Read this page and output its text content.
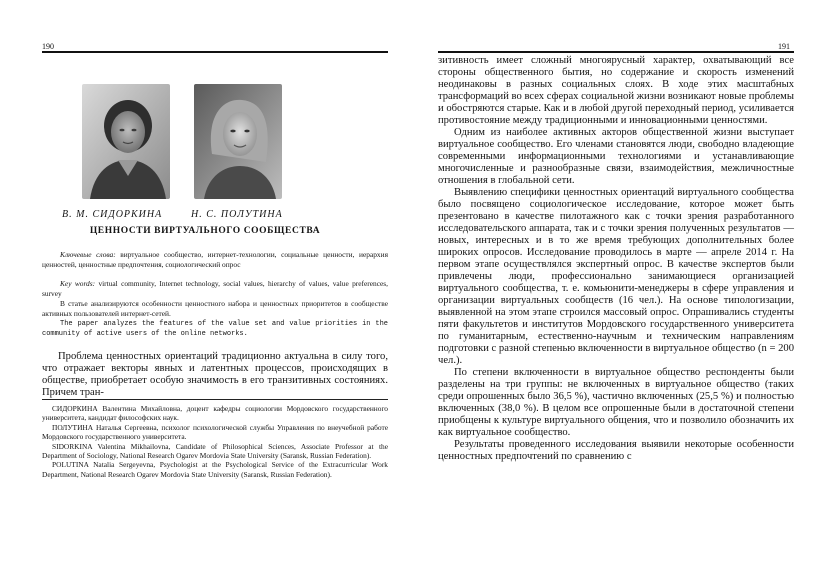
190
В. М. СИДОРКИНА	Н. С. ПОЛУТИНА
ЦЕННОСТИ ВИРТУАЛЬНОГО СООБЩЕСТВА
Ключевые слова: виртуальное сообщество, интернет-технологии, социальные ценности, иерархия ценностей, ценностные предпочтения, социологический опрос
Key words: virtual community, Internet technology, social values, hierarchy of values, value preferences, survey
В статье анализируются особенности ценностного набора и ценностных приоритетов в сообществе активных пользователей интернет-сетей.
The paper analyzes the features of the value set and value priorities in the community of active users of the online networks.

Проблема ценностных ориентаций традиционно актуальна в силу того, что отражает векторы явных и латентных процессов, происходящих в обществе, приобретает особую значимость в его транзитивных состояниях. Причем тран-

СИДОРКИНА Валентина Михайловна, доцент кафедры социологии Мордовского государственного университета, кандидат философских наук.

ПОЛУТИНА Наталья Сергеевна, психолог психологической службы Управления по внеучебной работе Мордовского государственного университета.

SIDORKINA Valentina Mikhailovna, Candidate of Philosophical Sciences, Associate Professor at the Department of Sociology, National Research Ogarev Mordovia State University (Saransk, Russian Federation).

POLUTINA Natalia Sergeyevna, Psychologist at the Psychological Service of the Extracurricular Work Department, National Research Ogarev Mordovia State University (Saransk, Russian Federation).

191

зитивность имеет сложный многоярусный характер, охватывающий все стороны общественного бытия, но содержание и скорость изменений неодинаковы в разных социальных слоях. В ходе этих масштабных трансформаций во всех сферах социальной жизни возникают новые проблемы и обостряются старые. Как и в любой другой переходный период, усиливается противостояние между традиционными и инновационными ценностями.

Одним из наиболее активных акторов общественной жизни выступает виртуальное сообщество. Его членами становятся люди, свободно владеющие современными информационными технологиями и устанавливающие многочисленные и разнообразные связи, взаимодействия, межличностные отношения в глобальной сети.

Выявлению специфики ценностных ориентаций виртуального сообщества было посвящено социологическое исследование, которое может быть презентовано в качестве пилотажного как с точки зрения разработанного исследовательского аппарата, так и с точки зрения полученных результатов — новых, интересных и в то же время требующих дополнительных более широких опросов. Исследование проводилось в марте — апреле 2014 г. На первом этапе осуществлялся экспертный опрос. В качестве экспертов были привлечены люди, профессионально занимающиеся организацией виртуального сообщества, т. е. комьюнити-менеджеры в сфере управления и организации виртуальных сообществ (16 чел.). На основе типологизации, выявленной на этом этапе строился массовый опрос. Опрашивались студенты пяти факультетов и институтов Мордовского государственного университета по гуманитарным, естественно-научным и техническим направлениям подготовки с разной степенью включенности в виртуальное общество (n = 200 чел.).

По степени включенности в виртуальное общество респонденты были разделены на три группы: не включенных в виртуальное общество (таких среди опрошенных было 36,5 %), частично включенных (25,5 %) и полностью включенных (38,0 %). В целом все опрошенные были в достаточной степени приобщены к культуре виртуального общения, что и позволило обозначить их как виртуальное сообщество.

Результаты проведенного исследования выявили некоторые особенности ценностных предпочтений по сравнению с
